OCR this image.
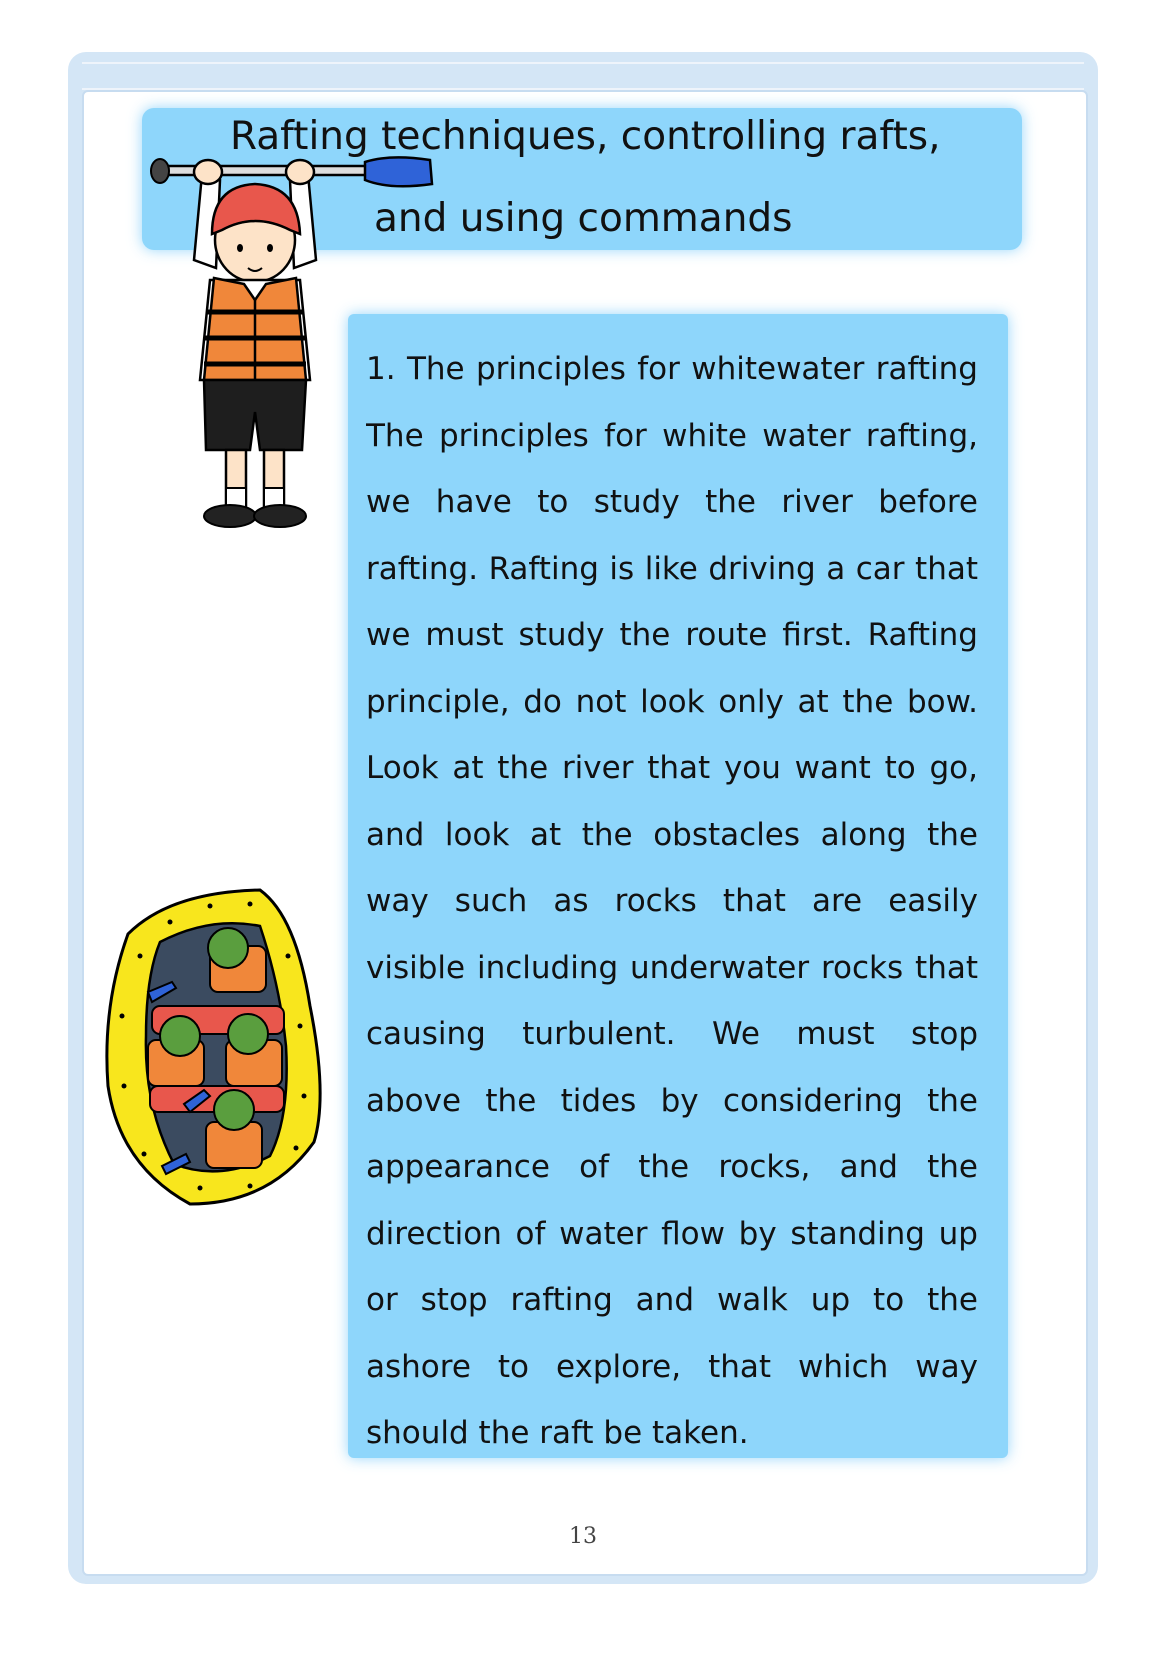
Rafting techniques, controlling rafts,
and using commands
1. The principles for whitewater rafting
The principles for white water rafting,
we have to study the river before
rafting. Rafting is like driving a car that
we must study the route first. Rafting
principle, do not look only at the bow.
Look at the river that you want to go,
and look at the obstacles along the
way such as rocks that are easily
visible including underwater rocks that
causing turbulent. We must stop
above the tides by considering the
appearance of the rocks, and the
direction of water flow by standing up
or stop rafting and walk up to the
ashore to explore, that which way
should the raft be taken.
13
